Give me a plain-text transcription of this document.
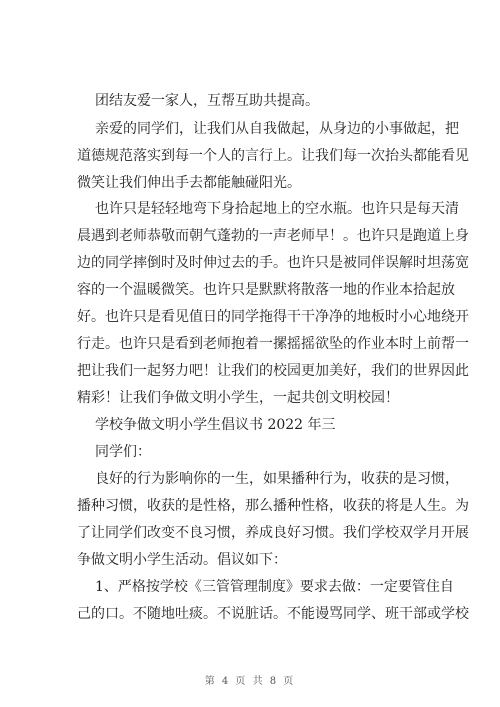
团结友爱一家人，互帮互助共提高。

亲爱的同学们，让我们从自我做起，从身边的小事做起，把
道德规范落实到每一个人的言行上。让我们每一次抬头都能看见
微笑让我们伸出手去都能触碰阳光。

也许只是轻轻地弯下身拾起地上的空水瓶。也许只是每天清
晨遇到老师恭敬而朝气蓬勃的一声老师早！。也许只是跑道上身
边的同学摔倒时及时伸过去的手。也许只是被同伴误解时坦荡宽
容的一个温暖微笑。也许只是默默将散落一地的作业本拾起放
好。也许只是看见值日的同学拖得干干净净的地板时小心地绕开
行走。也许只是看到老师抱着一摞摇摇欲坠的作业本时上前帮一
把让我们一起努力吧！让我们的校园更加美好，我们的世界因此
精彩！让我们争做文明小学生，一起共创文明校园！

学校争做文明小学生倡议书 2022 年三

同学们：

良好的行为影响你的一生，如果播种行为，收获的是习惯，
播种习惯，收获的是性格，那么播种性格，收获的将是人生。为
了让同学们改变不良习惯，养成良好习惯。我们学校双学月开展
争做文明小学生活动。倡议如下：

1、严格按学校《三管管理制度》要求去做：一定要管住自
己的口。不随地吐痰。不说脏话。不能谩骂同学、班干部或学校

第 4 页 共 8 页
